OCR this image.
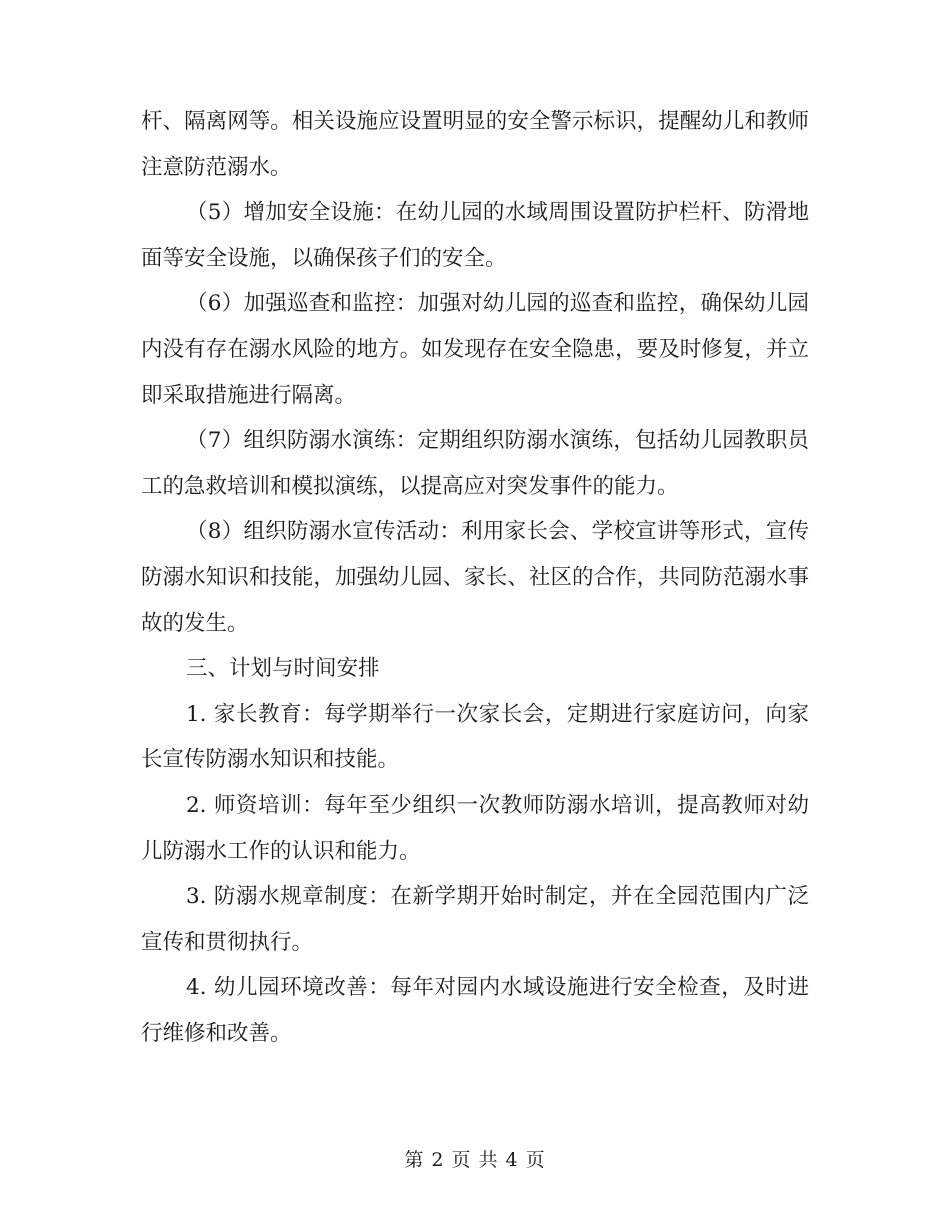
杆、隔离网等。相关设施应设置明显的安全警示标识，提醒幼儿和教师注意防范溺水。

（5）增加安全设施：在幼儿园的水域周围设置防护栏杆、防滑地面等安全设施，以确保孩子们的安全。

（6）加强巡查和监控：加强对幼儿园的巡查和监控，确保幼儿园内没有存在溺水风险的地方。如发现存在安全隐患，要及时修复，并立即采取措施进行隔离。

（7）组织防溺水演练：定期组织防溺水演练，包括幼儿园教职员工的急救培训和模拟演练，以提高应对突发事件的能力。

（8）组织防溺水宣传活动：利用家长会、学校宣讲等形式，宣传防溺水知识和技能，加强幼儿园、家长、社区的合作，共同防范溺水事故的发生。

三、计划与时间安排

1. 家长教育：每学期举行一次家长会，定期进行家庭访问，向家长宣传防溺水知识和技能。

2. 师资培训：每年至少组织一次教师防溺水培训，提高教师对幼儿防溺水工作的认识和能力。

3. 防溺水规章制度：在新学期开始时制定，并在全园范围内广泛宣传和贯彻执行。

4. 幼儿园环境改善：每年对园内水域设施进行安全检查，及时进行维修和改善。

第 2 页 共 4 页
